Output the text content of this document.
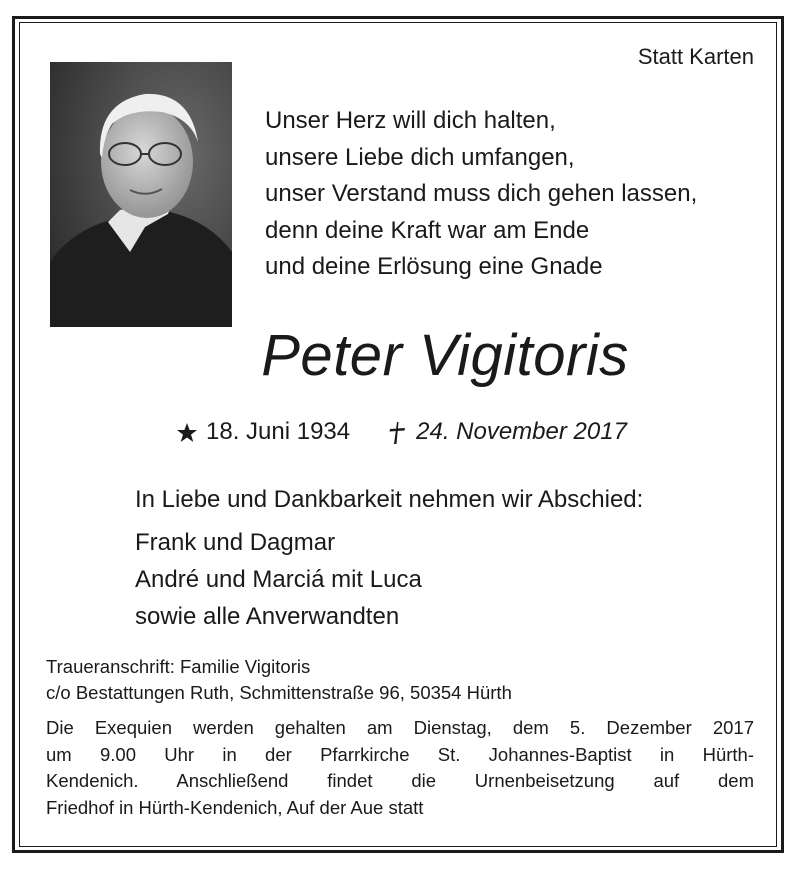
Statt Karten
Unser Herz will dich halten,
unsere Liebe dich umfangen,
unser Verstand muss dich gehen lassen,
denn deine Kraft war am Ende
und deine Erlösung eine Gnade
Peter Vigitoris
18. Juni 1934	24. November 2017
In Liebe und Dankbarkeit nehmen wir Abschied:
Frank und Dagmar
André und Marciá mit Luca
sowie alle Anverwandten
Traueranschrift: Familie Vigitoris
c/o Bestattungen Ruth, Schmittenstraße 96, 50354 Hürth
Die Exequien werden gehalten am Dienstag, dem 5. Dezember 2017
um 9.00 Uhr in der Pfarrkirche St. Johannes-Baptist in Hürth-
Kendenich. Anschließend findet die Urnenbeisetzung auf dem
Friedhof in Hürth-Kendenich, Auf der Aue statt
